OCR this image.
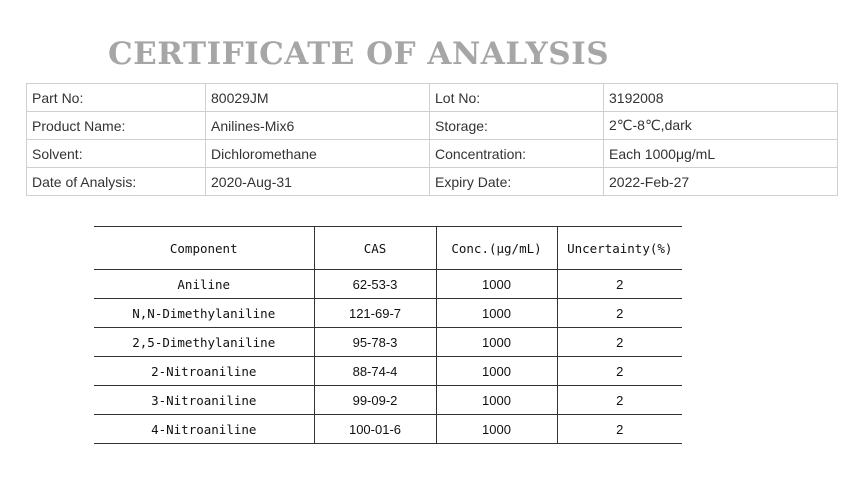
CERTIFICATE OF ANALYSIS
Part No:	80029JM	Lot No:	3192008
Product Name:	Anilines-Mix6	Storage:	2℃-8℃,dark
Solvent:	Dichloromethane	Concentration:	Each 1000μg/mL
Date of Analysis:	2020-Aug-31	Expiry Date:	2022-Feb-27
Component	CAS	Conc.(μg/mL)	Uncertainty(%)
Aniline	62-53-3	1000	2
N,N-Dimethylaniline	121-69-7	1000	2
2,5-Dimethylaniline	95-78-3	1000	2
2-Nitroaniline	88-74-4	1000	2
3-Nitroaniline	99-09-2	1000	2
4-Nitroaniline	100-01-6	1000	2
